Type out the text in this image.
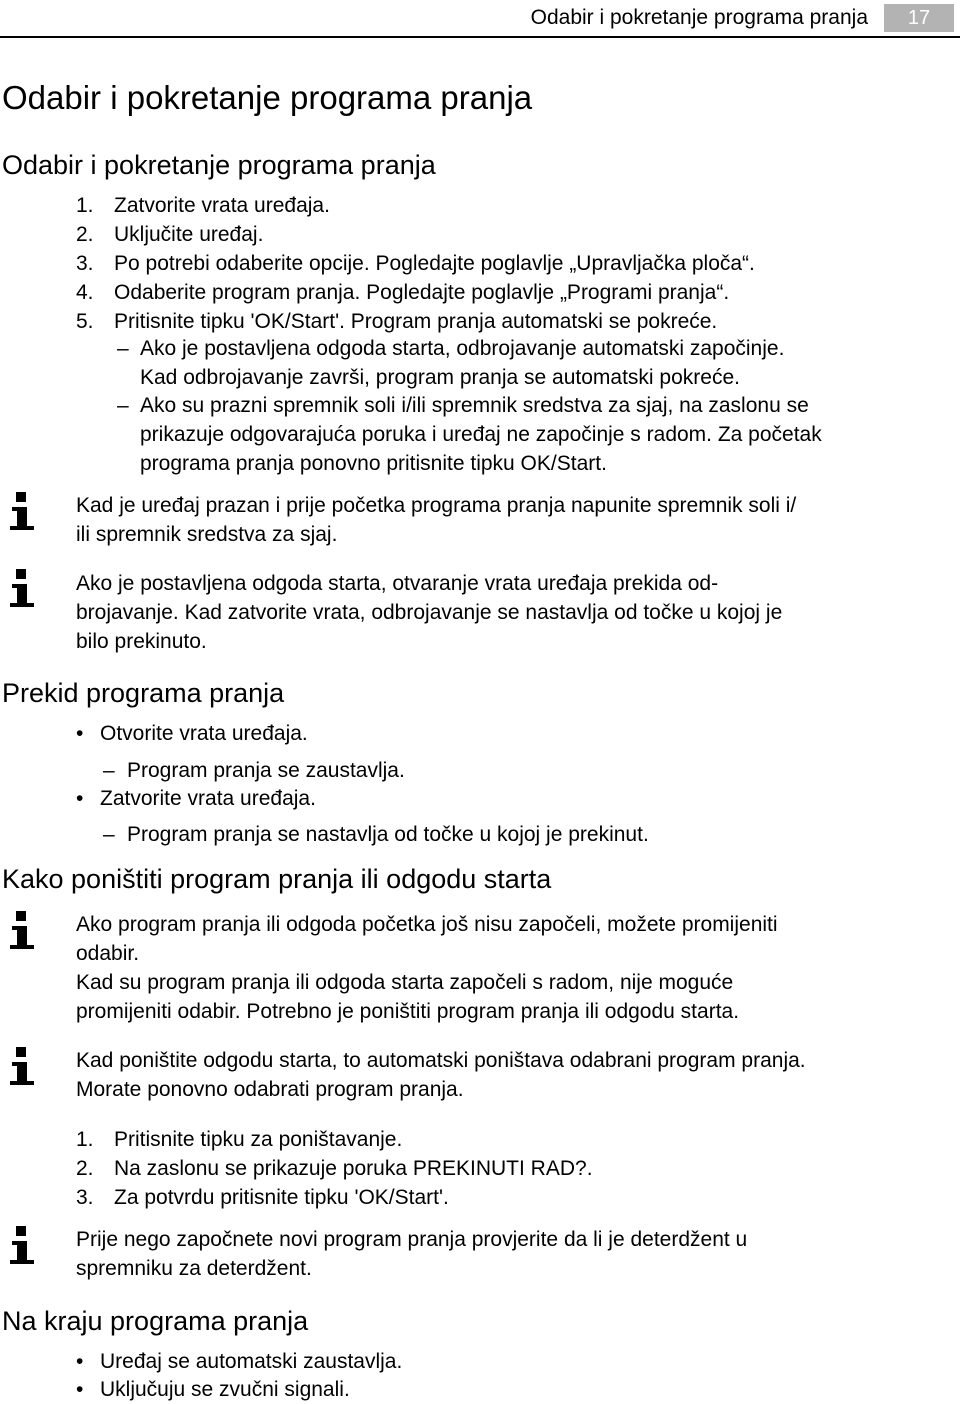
Odabir i pokretanje programa pranja	17
Odabir i pokretanje programa pranja
Odabir i pokretanje programa pranja
1. Zatvorite vrata uređaja.
2. Uključite uređaj.
3. Po potrebi odaberite opcije. Pogledajte poglavlje „Upravljačka ploča“.
4. Odaberite program pranja. Pogledajte poglavlje „Programi pranja“.
5. Pritisnite tipku 'OK/Start'. Program pranja automatski se pokreće.
– Ako je postavljena odgoda starta, odbrojavanje automatski započinje.
Kad odbrojavanje završi, program pranja se automatski pokreće.
– Ako su prazni spremnik soli i/ili spremnik sredstva za sjaj, na zaslonu se
prikazuje odgovarajuća poruka i uređaj ne započinje s radom. Za početak
programa pranja ponovno pritisnite tipku OK/Start.
Kad je uređaj prazan i prije početka programa pranja napunite spremnik soli i/
ili spremnik sredstva za sjaj.
Ako je postavljena odgoda starta, otvaranje vrata uređaja prekida od-
brojavanje. Kad zatvorite vrata, odbrojavanje se nastavlja od točke u kojoj je
bilo prekinuto.
Prekid programa pranja
• Otvorite vrata uređaja.
– Program pranja se zaustavlja.
• Zatvorite vrata uređaja.
– Program pranja se nastavlja od točke u kojoj je prekinut.
Kako poništiti program pranja ili odgodu starta
Ako program pranja ili odgoda početka još nisu započeli, možete promijeniti
odabir.
Kad su program pranja ili odgoda starta započeli s radom, nije moguće
promijeniti odabir. Potrebno je poništiti program pranja ili odgodu starta.
Kad poništite odgodu starta, to automatski poništava odabrani program pranja.
Morate ponovno odabrati program pranja.
1. Pritisnite tipku za poništavanje.
2. Na zaslonu se prikazuje poruka PREKINUTI RAD?.
3. Za potvrdu pritisnite tipku 'OK/Start'.
Prije nego započnete novi program pranja provjerite da li je deterdžent u
spremniku za deterdžent.
Na kraju programa pranja
• Uređaj se automatski zaustavlja.
• Uključuju se zvučni signali.
